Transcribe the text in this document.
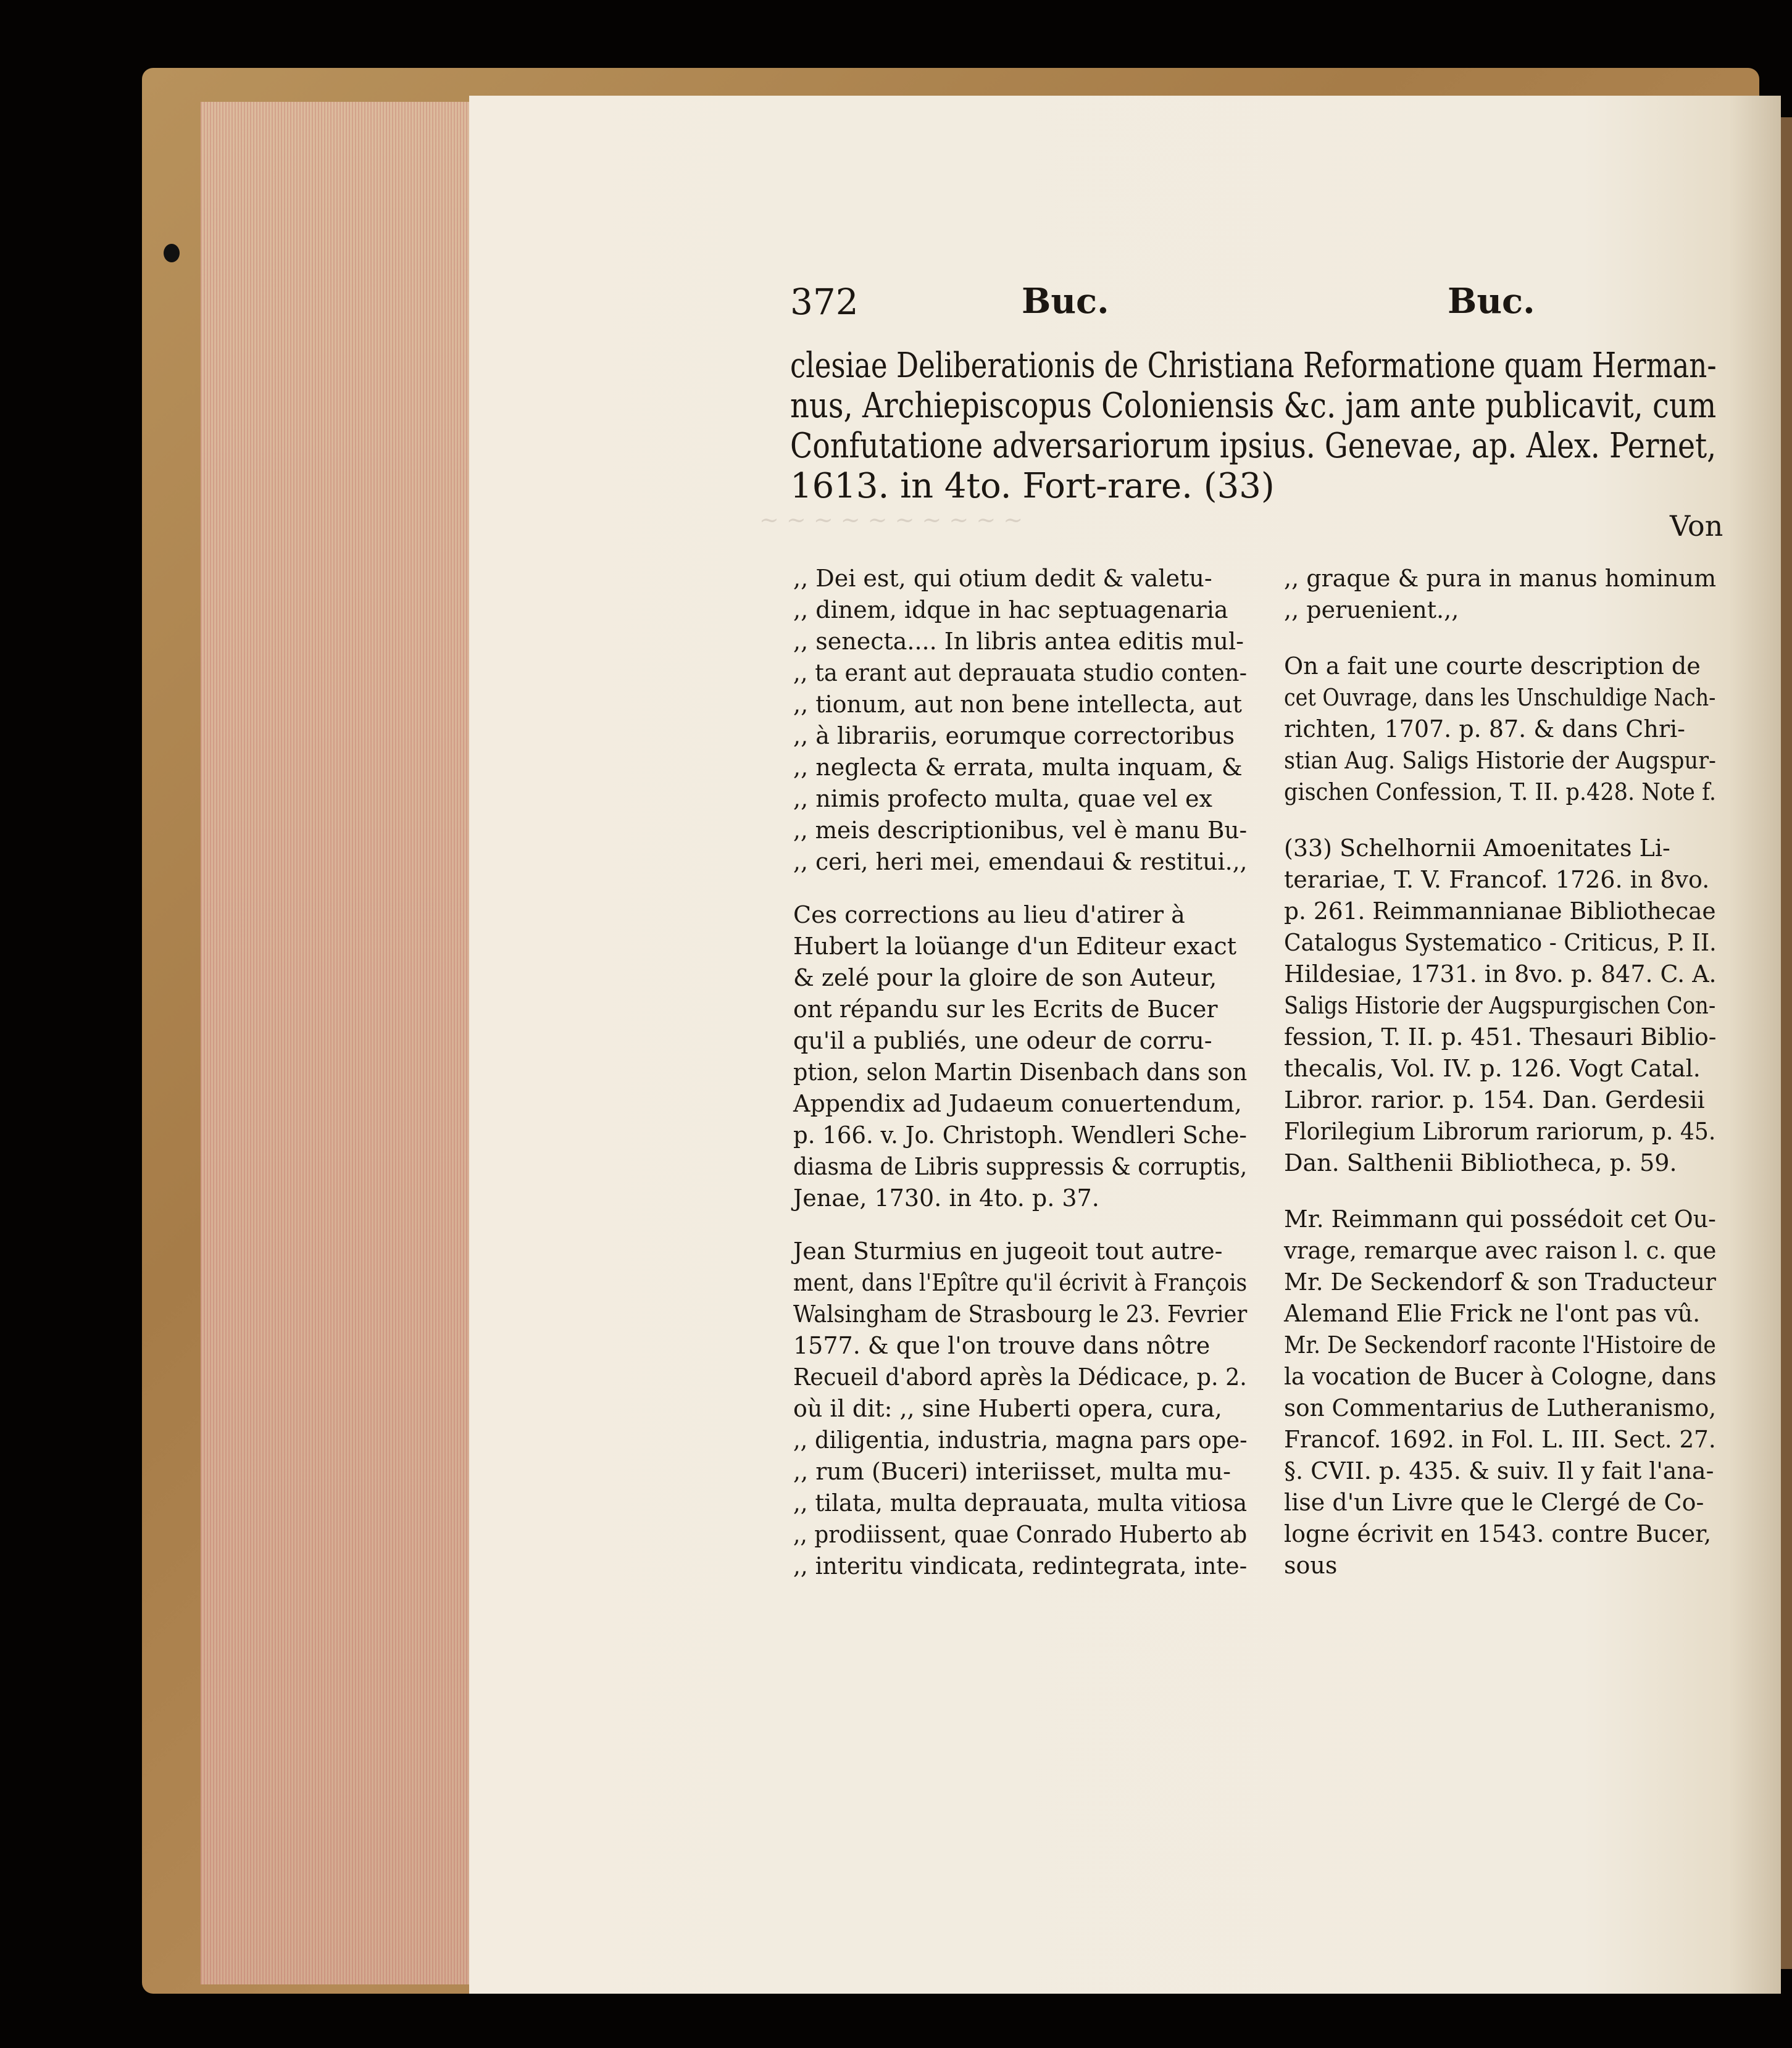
~ ~ ~ ~ ~ ~ ~ ~ ~ ~
372	Buc.	Buc.
clesiae Deliberationis de Christiana Reformatione quam Herman-
nus, Archiepiscopus Coloniensis &c. jam ante publicavit, cum
Confutatione adversariorum ipsius. Genevae, ap. Alex. Pernet,
1613. in 4to. Fort-rare. (33)
Von
,, Dei est, qui otium dedit & valetu-
,, dinem, idque in hac septuagenaria
,, senecta.... In libris antea editis mul-
,, ta erant aut deprauata studio conten-
,, tionum, aut non bene intellecta, aut
,, à librariis, eorumque correctoribus
,, neglecta & errata, multa inquam, &
,, nimis profecto multa, quae vel ex
,, meis descriptionibus, vel è manu Bu-
,, ceri, heri mei, emendaui & restitui.,,
Ces corrections au lieu d'atirer à
Hubert la loüange d'un Editeur exact
& zelé pour la gloire de son Auteur,
ont répandu sur les Ecrits de Bucer
qu'il a publiés, une odeur de corru-
ption, selon Martin Disenbach dans son
Appendix ad Judaeum conuertendum,
p. 166. v. Jo. Christoph. Wendleri Sche-
diasma de Libris suppressis & corruptis,
Jenae, 1730. in 4to. p. 37.
Jean Sturmius en jugeoit tout autre-
ment, dans l'Epître qu'il écrivit à François
Walsingham de Strasbourg le 23. Fevrier
1577. & que l'on trouve dans nôtre
Recueil d'abord après la Dédicace, p. 2.
où il dit: ,, sine Huberti opera, cura,
,, diligentia, industria, magna pars ope-
,, rum (Buceri) interiisset, multa mu-
,, tilata, multa deprauata, multa vitiosa
,, prodiissent, quae Conrado Huberto ab
,, interitu vindicata, redintegrata, inte-
,, graque & pura in manus hominum
,, peruenient.,,
On a fait une courte description de
cet Ouvrage, dans les Unschuldige Nach-
richten, 1707. p. 87. & dans Chri-
stian Aug. Saligs Historie der Augspur-
gischen Confession, T. II. p.428. Note f.
(33) Schelhornii Amoenitates Li-
terariae, T. V. Francof. 1726. in 8vo.
p. 261. Reimmannianae Bibliothecae
Catalogus Systematico - Criticus, P. II.
Hildesiae, 1731. in 8vo. p. 847. C. A.
Saligs Historie der Augspurgischen Con-
fession, T. II. p. 451. Thesauri Biblio-
thecalis, Vol. IV. p. 126. Vogt Catal.
Libror. rarior. p. 154. Dan. Gerdesii
Florilegium Librorum rariorum, p. 45.
Dan. Salthenii Bibliotheca, p. 59.
Mr. Reimmann qui possédoit cet Ou-
vrage, remarque avec raison l. c. que
Mr. De Seckendorf & son Traducteur
Alemand Elie Frick ne l'ont pas vû.
Mr. De Seckendorf raconte l'Histoire de
la vocation de Bucer à Cologne, dans
son Commentarius de Lutheranismo,
Francof. 1692. in Fol. L. III. Sect. 27.
§. CVII. p. 435. & suiv. Il y fait l'ana-
lise d'un Livre que le Clergé de Co-
logne écrivit en 1543. contre Bucer,
sous
